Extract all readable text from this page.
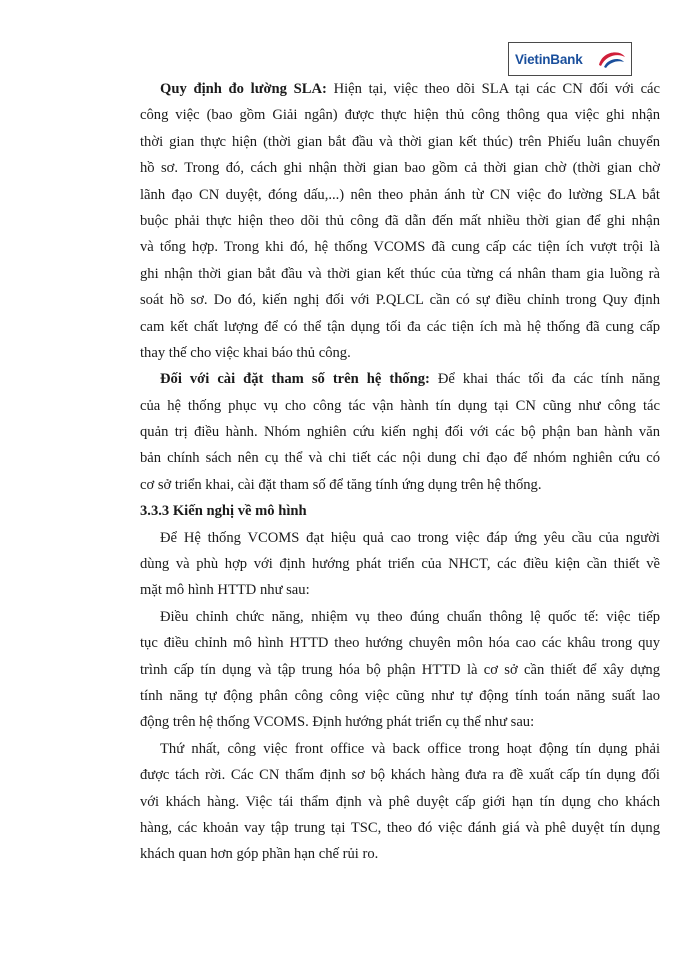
VietinBank
Quy định đo lường SLA: Hiện tại, việc theo dõi SLA tại các CN đối với các
công việc (bao gồm Giải ngân) được thực hiện thủ công thông qua việc ghi nhận
thời gian thực hiện (thời gian bắt đầu và thời gian kết thúc) trên Phiếu luân chuyển
hồ sơ. Trong đó, cách ghi nhận thời gian bao gồm cả thời gian chờ (thời gian chờ
lãnh đạo CN duyệt, đóng dấu,...) nên theo phản ánh từ CN việc đo lường SLA bắt
buộc phải thực hiện theo dõi thủ công đã dẫn đến mất nhiều thời gian để ghi nhận
và tổng hợp. Trong khi đó, hệ thống VCOMS đã cung cấp các tiện ích vượt trội là
ghi nhận thời gian bắt đầu và thời gian kết thúc của từng cá nhân tham gia luồng rà
soát hồ sơ. Do đó, kiến nghị đối với P.QLCL cần có sự điều chỉnh trong Quy định
cam kết chất lượng để có thể tận dụng tối đa các tiện ích mà hệ thống đã cung cấp
thay thế cho việc khai báo thủ công.
Đối với cài đặt tham số trên hệ thống: Để khai thác tối đa các tính năng
của hệ thống phục vụ cho công tác vận hành tín dụng tại CN cũng như công tác
quản trị điều hành. Nhóm nghiên cứu kiến nghị đối với các bộ phận ban hành văn
bản chính sách nên cụ thể và chi tiết các nội dung chỉ đạo để nhóm nghiên cứu có
cơ sở triển khai, cài đặt tham số để tăng tính ứng dụng trên hệ thống.
3.3.3 Kiến nghị về mô hình
Để Hệ thống VCOMS đạt hiệu quả cao trong việc đáp ứng yêu cầu của người
dùng và phù hợp với định hướng phát triển của NHCT, các điều kiện cần thiết về
mặt mô hình HTTD như sau:
Điều chỉnh chức năng, nhiệm vụ theo đúng chuẩn thông lệ quốc tế: việc tiếp
tục điều chỉnh mô hình HTTD theo hướng chuyên môn hóa cao các khâu trong quy
trình cấp tín dụng và tập trung hóa bộ phận HTTD là cơ sở cần thiết để xây dựng
tính năng tự động phân công công việc cũng như tự động tính toán năng suất lao
động trên hệ thống VCOMS. Định hướng phát triển cụ thể như sau:
Thứ nhất, công việc front office và back office trong hoạt động tín dụng phải
được tách rời. Các CN thẩm định sơ bộ khách hàng đưa ra đề xuất cấp tín dụng đối
với khách hàng. Việc tái thẩm định và phê duyệt cấp giới hạn tín dụng cho khách
hàng, các khoản vay tập trung tại TSC, theo đó việc đánh giá và phê duyệt tín dụng
khách quan hơn góp phần hạn chế rủi ro.
